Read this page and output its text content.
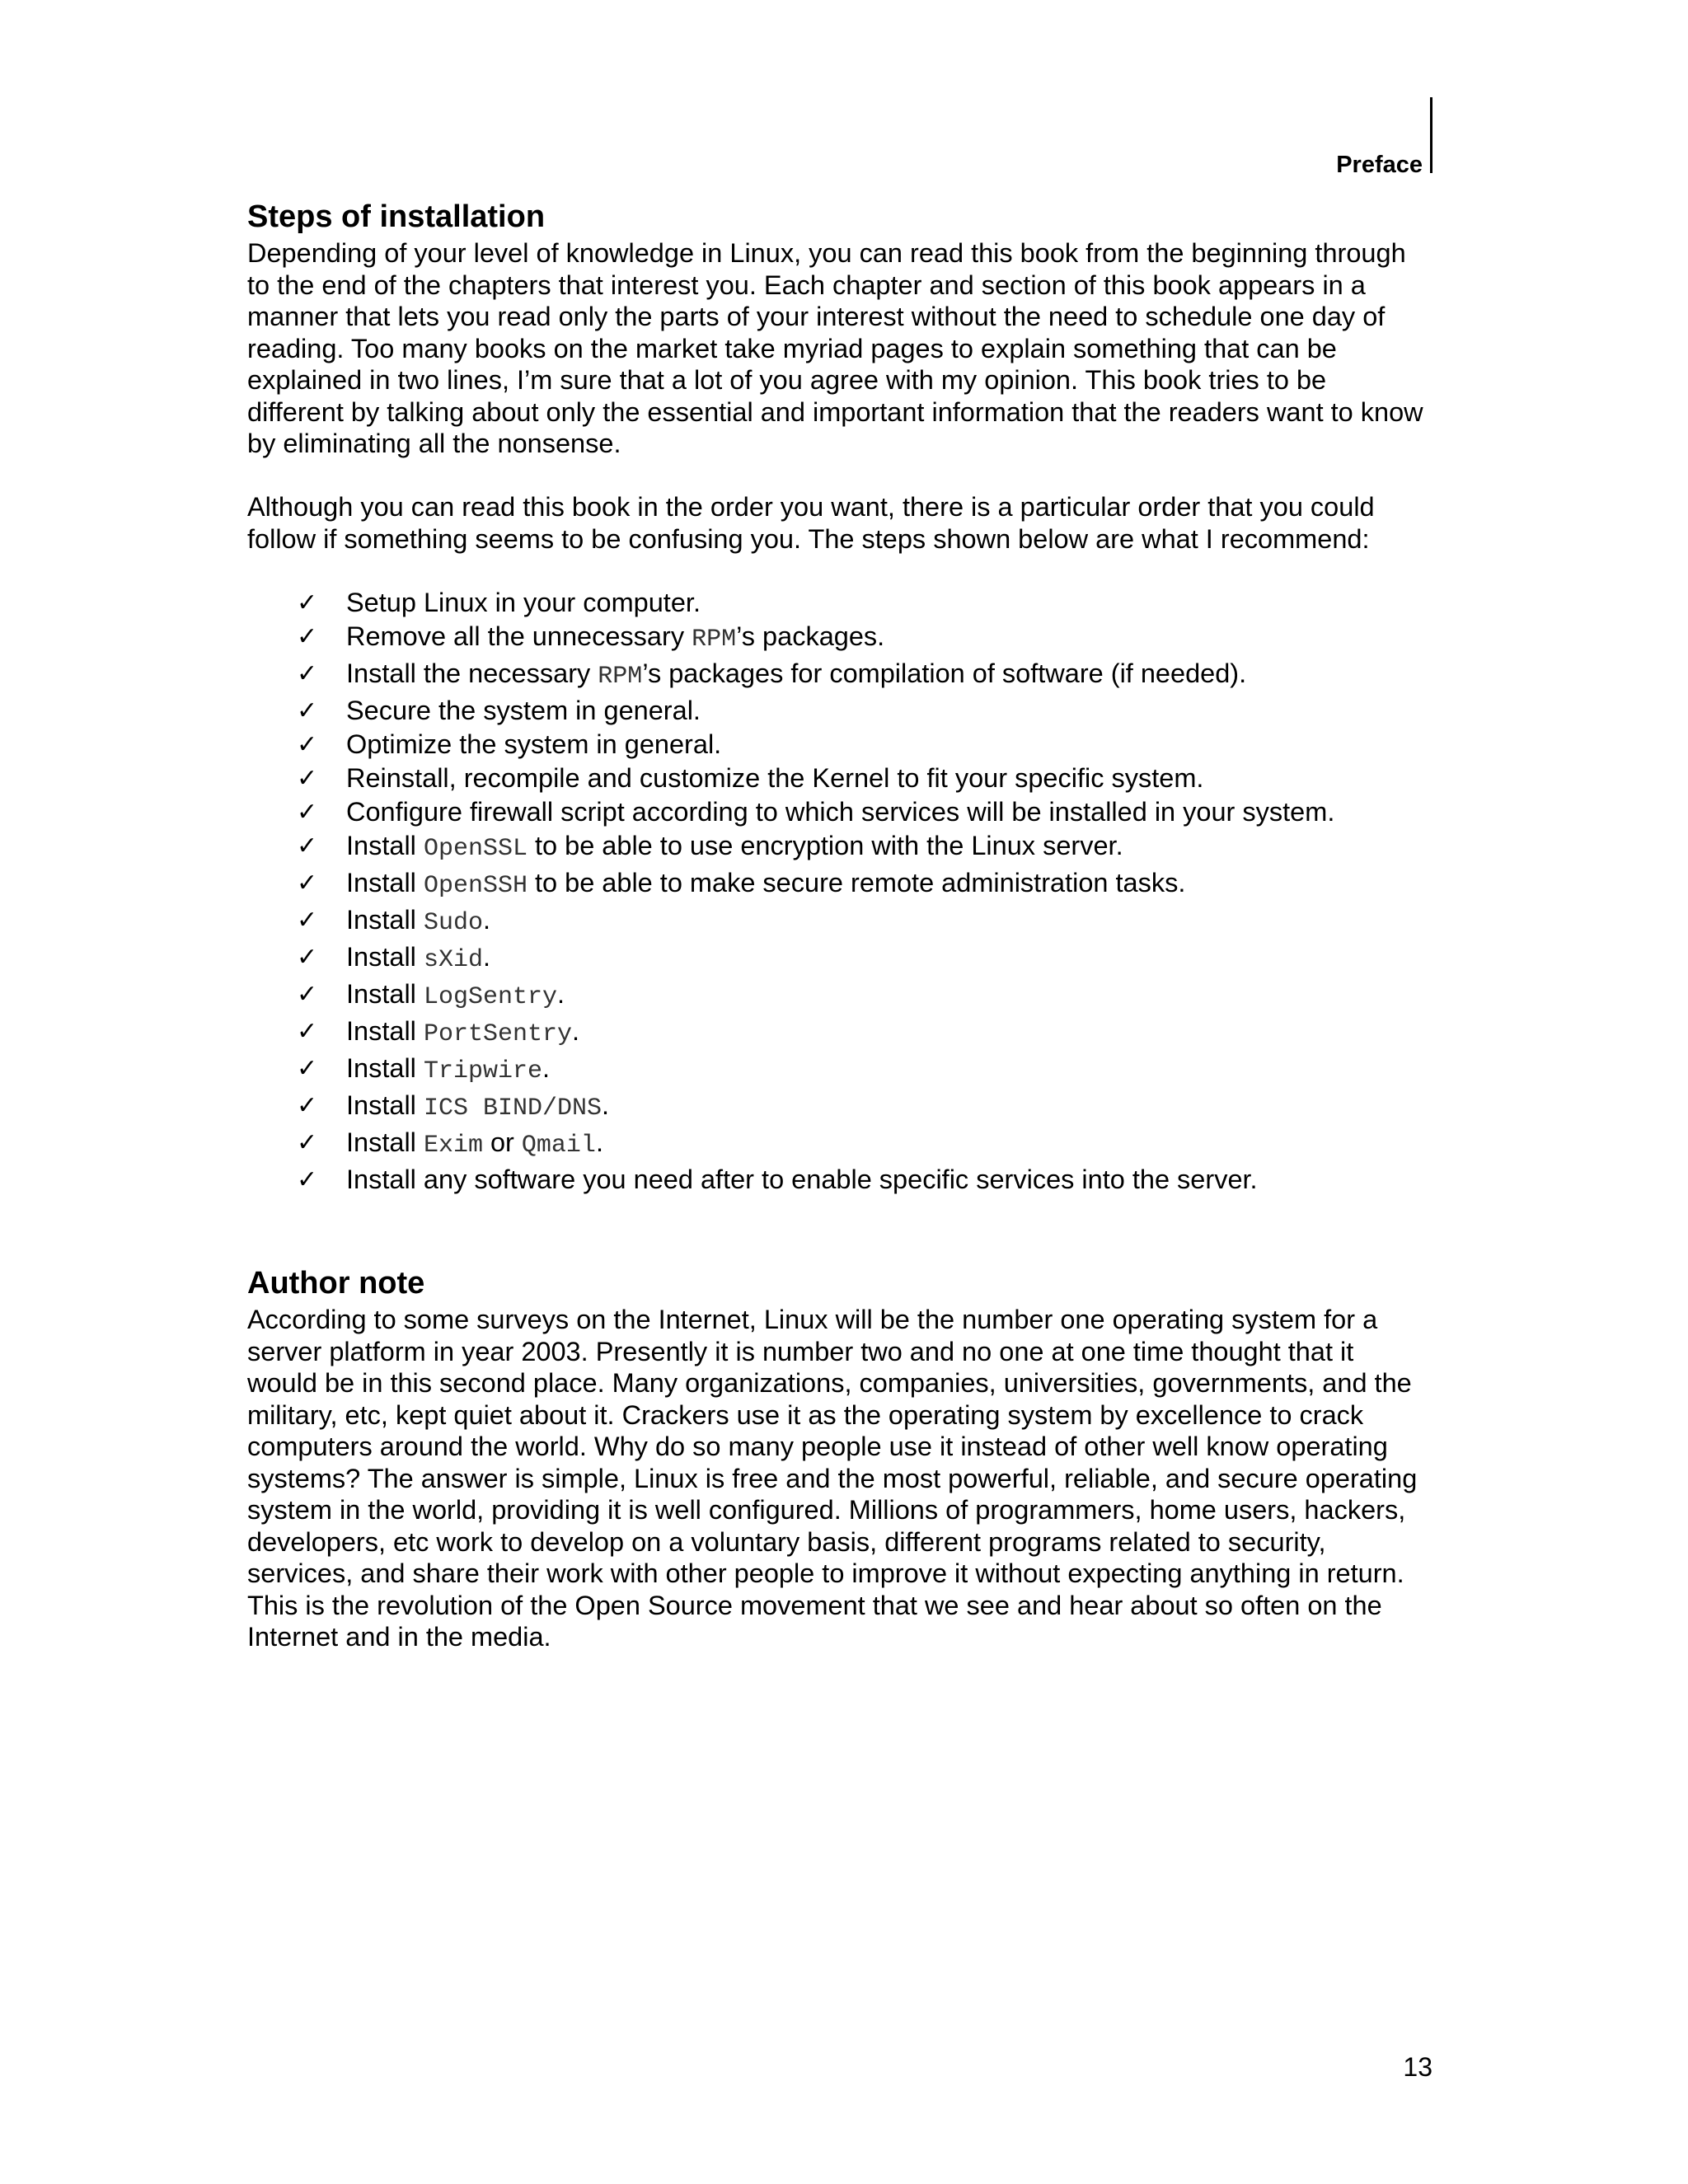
Preface
Steps of installation

Depending of your level of knowledge in Linux, you can read this book from the beginning through to the end of the chapters that interest you. Each chapter and section of this book appears in a manner that lets you read only the parts of your interest without the need to schedule one day of reading. Too many books on the market take myriad pages to explain something that can be explained in two lines, I’m sure that a lot of you agree with my opinion. This book tries to be different by talking about only the essential and important information that the readers want to know by eliminating all the nonsense.

Although you can read this book in the order you want, there is a particular order that you could follow if something seems to be confusing you. The steps shown below are what I recommend:

✓ Setup Linux in your computer.
✓ Remove all the unnecessary RPM’s packages.
✓ Install the necessary RPM’s packages for compilation of software (if needed).
✓ Secure the system in general.
✓ Optimize the system in general.
✓ Reinstall, recompile and customize the Kernel to fit your specific system.
✓ Configure firewall script according to which services will be installed in your system.
✓ Install OpenSSL to be able to use encryption with the Linux server.
✓ Install OpenSSH to be able to make secure remote administration tasks.
✓ Install Sudo.
✓ Install sXid.
✓ Install LogSentry.
✓ Install PortSentry.
✓ Install Tripwire.
✓ Install ICS BIND/DNS.
✓ Install Exim or Qmail.
✓ Install any software you need after to enable specific services into the server.
Author note

According to some surveys on the Internet, Linux will be the number one operating system for a server platform in year 2003. Presently it is number two and no one at one time thought that it would be in this second place. Many organizations, companies, universities, governments, and the military, etc, kept quiet about it. Crackers use it as the operating system by excellence to crack computers around the world. Why do so many people use it instead of other well know operating systems? The answer is simple, Linux is free and the most powerful, reliable, and secure operating system in the world, providing it is well configured. Millions of programmers, home users, hackers, developers, etc work to develop on a voluntary basis, different programs related to security, services, and share their work with other people to improve it without expecting anything in return. This is the revolution of the Open Source movement that we see and hear about so often on the Internet and in the media.

13
